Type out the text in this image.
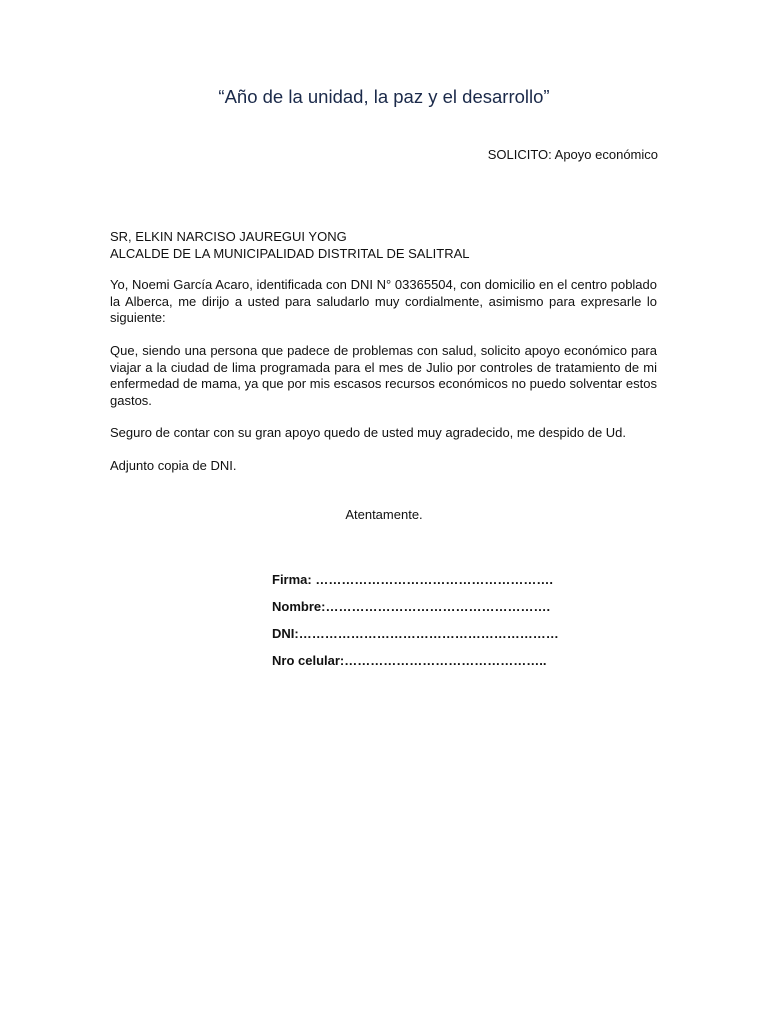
“Año de la unidad, la paz y el desarrollo”
SOLICITO: Apoyo económico
SR, ELKIN NARCISO JAUREGUI YONG
ALCALDE DE LA MUNICIPALIDAD DISTRITAL DE SALITRAL
Yo, Noemi García Acaro, identificada con DNI N° 03365504, con domicilio en el centro poblado la Alberca, me dirijo a usted para saludarlo muy cordialmente, asimismo para expresarle lo siguiente:
Que, siendo una persona que padece de problemas con salud, solicito apoyo económico para viajar a la ciudad de lima programada para el mes de Julio por controles de tratamiento de mi enfermedad de mama, ya que por mis escasos recursos económicos no puedo solventar estos gastos.
Seguro de contar con su gran apoyo quedo de usted muy agradecido, me despido de Ud.
Adjunto copia de DNI.
Atentamente.
Firma: ……………………………………………….
Nombre:…………………………………………….
DNI:……………………………………………………
Nro celular:………………………………………..
